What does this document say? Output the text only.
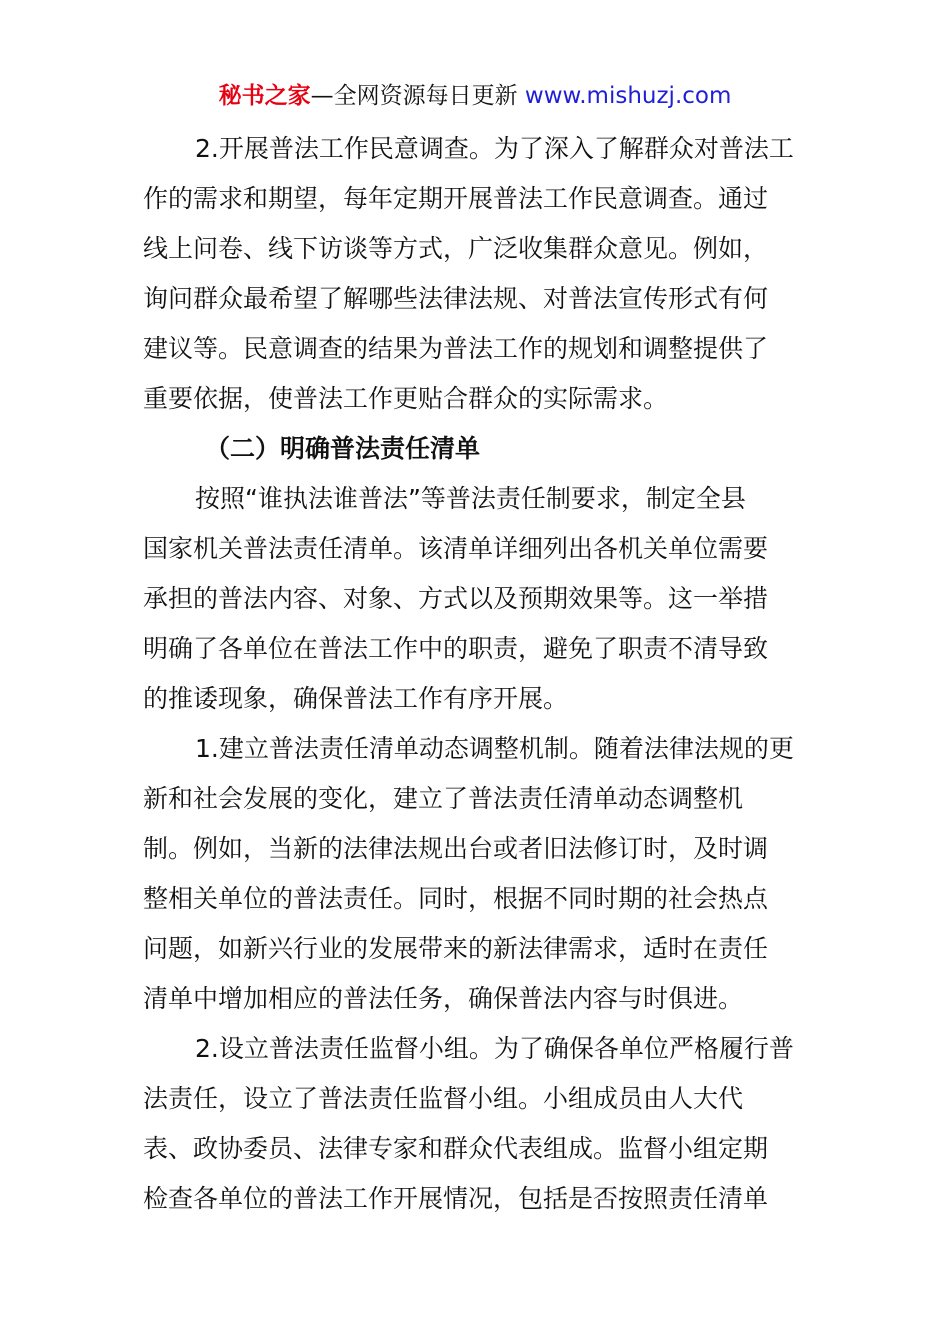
秘书之家—全网资源每日更新 www.mishuzj.com
2.开展普法工作民意调查。为了深入了解群众对普法工
作的需求和期望，每年定期开展普法工作民意调查。通过
线上问卷、线下访谈等方式，广泛收集群众意见。例如，
询问群众最希望了解哪些法律法规、对普法宣传形式有何
建议等。民意调查的结果为普法工作的规划和调整提供了
重要依据，使普法工作更贴合群众的实际需求。
（二）明确普法责任清单
按照“谁执法谁普法”等普法责任制要求，制定全县
国家机关普法责任清单。该清单详细列出各机关单位需要
承担的普法内容、对象、方式以及预期效果等。这一举措
明确了各单位在普法工作中的职责，避免了职责不清导致
的推诿现象，确保普法工作有序开展。
1.建立普法责任清单动态调整机制。随着法律法规的更
新和社会发展的变化，建立了普法责任清单动态调整机
制。例如，当新的法律法规出台或者旧法修订时，及时调
整相关单位的普法责任。同时，根据不同时期的社会热点
问题，如新兴行业的发展带来的新法律需求，适时在责任
清单中增加相应的普法任务，确保普法内容与时俱进。
2.设立普法责任监督小组。为了确保各单位严格履行普
法责任，设立了普法责任监督小组。小组成员由人大代
表、政协委员、法律专家和群众代表组成。监督小组定期
检查各单位的普法工作开展情况，包括是否按照责任清单
